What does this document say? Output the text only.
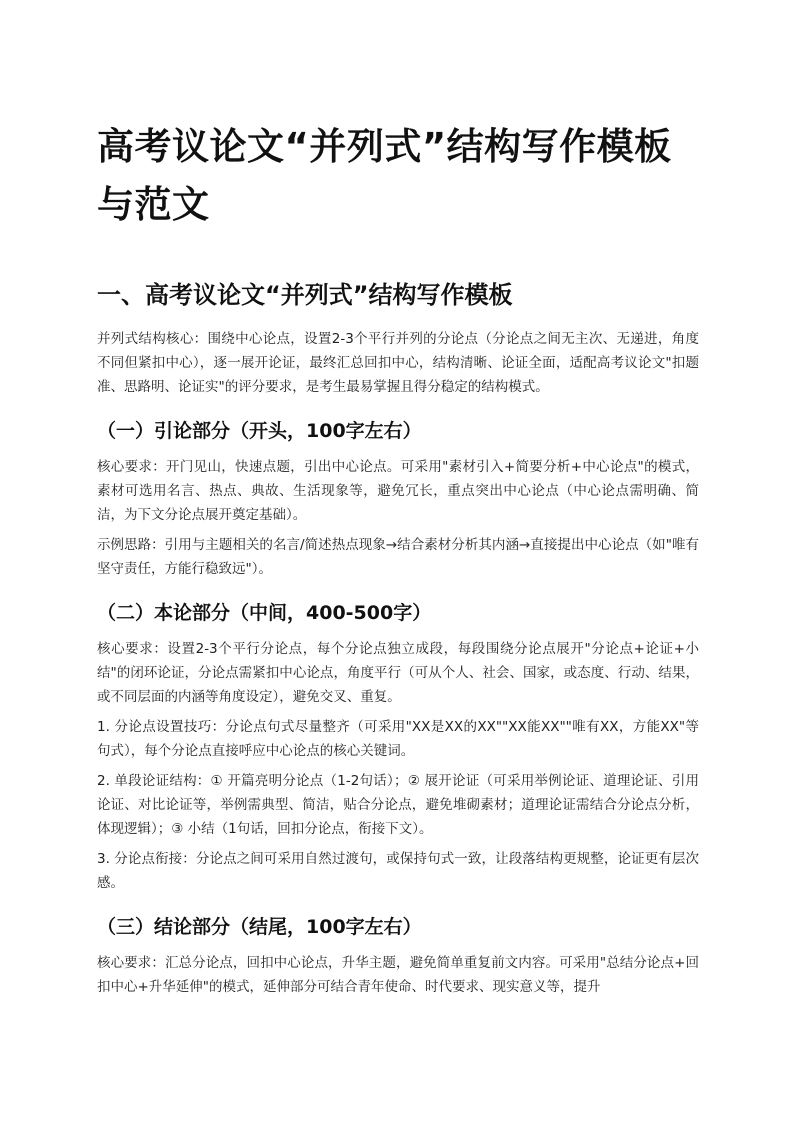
高考议论文“并列式”结构写作模板与范文
一、高考议论文“并列式”结构写作模板

并列式结构核心：围绕中心论点，设置2-3个平行并列的分论点（分论点之间无主次、无递进，角度不同但紧扣中心），逐一展开论证，最终汇总回扣中心，结构清晰、论证全面，适配高考议论文"扣题准、思路明、论证实"的评分要求，是考生最易掌握且得分稳定的结构模式。

（一）引论部分（开头，100字左右）

核心要求：开门见山，快速点题，引出中心论点。可采用"素材引入+简要分析+中心论点"的模式，素材可选用名言、热点、典故、生活现象等，避免冗长，重点突出中心论点（中心论点需明确、简洁，为下文分论点展开奠定基础）。

示例思路：引用与主题相关的名言/简述热点现象→结合素材分析其内涵→直接提出中心论点（如"唯有坚守责任，方能行稳致远"）。

（二）本论部分（中间，400-500字）

核心要求：设置2-3个平行分论点，每个分论点独立成段，每段围绕分论点展开"分论点+论证+小结"的闭环论证，分论点需紧扣中心论点，角度平行（可从个人、社会、国家，或态度、行动、结果，或不同层面的内涵等角度设定），避免交叉、重复。

1. 分论点设置技巧：分论点句式尽量整齐（可采用"XX是XX的XX""XX能XX""唯有XX，方能XX"等句式），每个分论点直接呼应中心论点的核心关键词。

2. 单段论证结构：① 开篇亮明分论点（1-2句话）；② 展开论证（可采用举例论证、道理论证、引用论证、对比论证等，举例需典型、简洁，贴合分论点，避免堆砌素材；道理论证需结合分论点分析，体现逻辑）；③ 小结（1句话，回扣分论点，衔接下文）。

3. 分论点衔接：分论点之间可采用自然过渡句，或保持句式一致，让段落结构更规整，论证更有层次感。

（三）结论部分（结尾，100字左右）

核心要求：汇总分论点，回扣中心论点，升华主题，避免简单重复前文内容。可采用"总结分论点+回扣中心+升华延伸"的模式，延伸部分可结合青年使命、时代要求、现实意义等，提升
